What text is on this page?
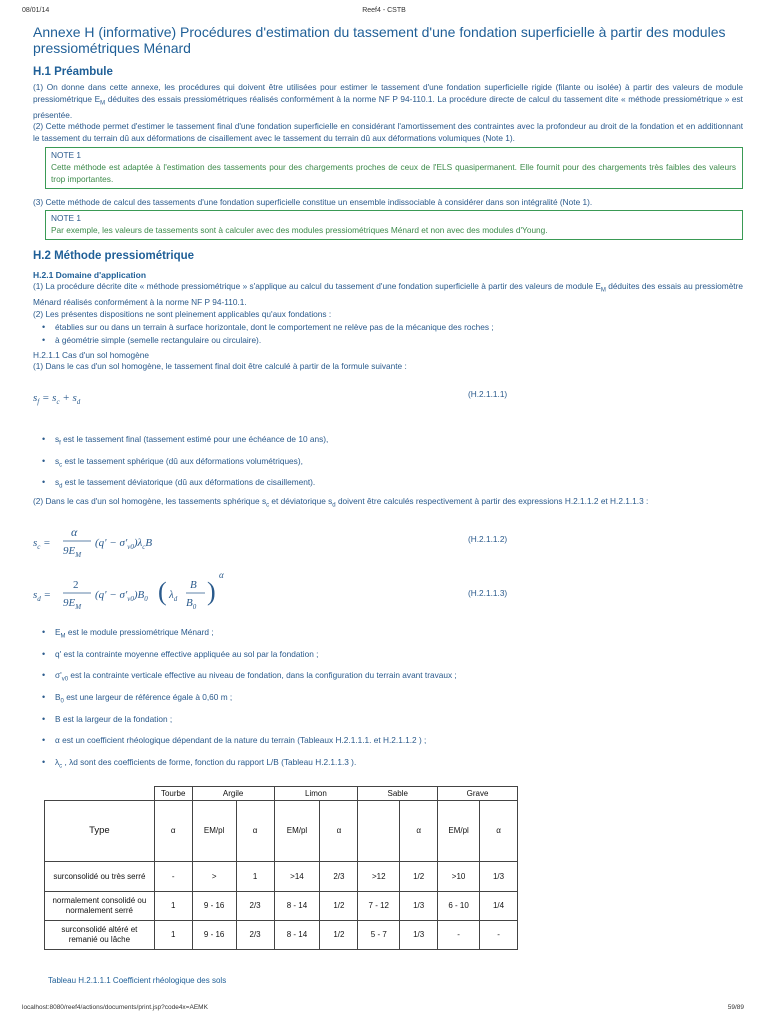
08/01/14	Reef4 - CSTB
Annexe H (informative) Procédures d'estimation du tassement d'une fondation superficielle à partir des modules pressiométriques Ménard
H.1 Préambule

(1) On donne dans cette annexe, les procédures qui doivent être utilisées pour estimer le tassement d'une fondation superficielle rigide (filante ou isolée) à partir des valeurs de module pressiométrique $E_M$ déduites des essais pressiométriques réalisés conformément à la norme NF P 94-110.1. La procédure directe de calcul du tassement dite « méthode pressiométrique » est présentée.

(2) Cette méthode permet d'estimer le tassement final d'une fondation superficielle en considérant l'amortissement des contraintes avec la profondeur au droit de la fondation et en additionnant le tassement du terrain dû aux déformations de cisaillement avec le tassement du terrain dû aux déformations volumiques (Note 1).

NOTE 1
Cette méthode est adaptée à l'estimation des tassements pour des chargements proches de ceux de l'ELS quasipermanent. Elle fournit pour des chargements très faibles des valeurs trop importantes.

(3) Cette méthode de calcul des tassements d'une fondation superficielle constitue un ensemble indissociable à considérer dans son intégralité (Note 1).

NOTE 1
Par exemple, les valeurs de tassements sont à calculer avec des modules pressiométriques Ménard et non avec des modules d'Young.
H.2 Méthode pressiométrique
H.2.1 Domaine d'application

(1) La procédure décrite dite « méthode pressiométrique » s'applique au calcul du tassement d'une fondation superficielle à partir des valeurs de module $E_M$ déduites des essais au pressiomètre Ménard réalisés conformément à la norme NF P 94-110.1.

(2) Les présentes dispositions ne sont pleinement applicables qu'aux fondations :

• établies sur ou dans un terrain à surface horizontale, dont le comportement ne relève pas de la mécanique des roches ;
• à géométrie simple (semelle rectangulaire ou circulaire).

H.2.1.1 Cas d'un sol homogène

(1) Dans le cas d'un sol homogène, le tassement final doit être calculé à partir de la formule suivante :

$s_f = s_c + s_d$
(H.2.1.1.1)
• $s_f$ est le tassement final (tassement estimé pour une échéance de 10 ans),
• $s_c$ est le tassement sphérique (dû aux déformations volumétriques),
• $s_d$ est le tassement déviatorique (dû aux déformations de cisaillement).

(2) Dans le cas d'un sol homogène, les tassements sphérique $s_c$ et déviatorique $s_d$ doivent être calculés respectivement à partir des expressions H.2.1.1.2 et H.2.1.1.3 :

$s_c$ =
α
$9E_M$
$(q' - \sigma'_{v0})\lambda_cB$	(H.2.1.1.2)
$s_d$ =
2
$9E_M$
$(q' - \sigma'_{v0})B_0$ ( $\lambda_d$
B
$B_0$
)
α
(H.2.1.1.3)
• $E_M$ est le module pressiométrique Ménard ;
• q' est la contrainte moyenne effective appliquée au sol par la fondation ;
• $\sigma'_{v0}$ est la contrainte verticale effective au niveau de fondation, dans la configuration du terrain avant travaux ;
• $B_0$ est une largeur de référence égale à 0,60 m ;
• B est la largeur de la fondation ;
• α est un coefficient rhéologique dépendant de la nature du terrain (Tableaux H.2.1.1.1. et H.2.1.1.2 ) ;
• $\lambda_c$ , λd sont des coefficients de forme, fonction du rapport L/B (Tableau H.2.1.1.3 ).
	Tourbe	Argile		Limon		Sable		Grave	
Type	α	EM/pl	α	EM/pl	α		α	EM/pl	α
surconsolidé ou très serré	-	>	1	>14	2/3	>12	1/2	>10	1/3
normalement consolidé ou normalement serré	1	9 - 16	2/3	8 - 14	1/2	7 - 12	1/3	6 - 10	1/4
surconsolidé altéré et remanié ou lâche	1	9 - 16	2/3	8 - 14	1/2	5 - 7	1/3	-	-
Tableau H.2.1.1.1 Coefficient rhéologique des sols
localhost:8080/reef4/actions/documents/print.jsp?code4x=AEMK	59/89
